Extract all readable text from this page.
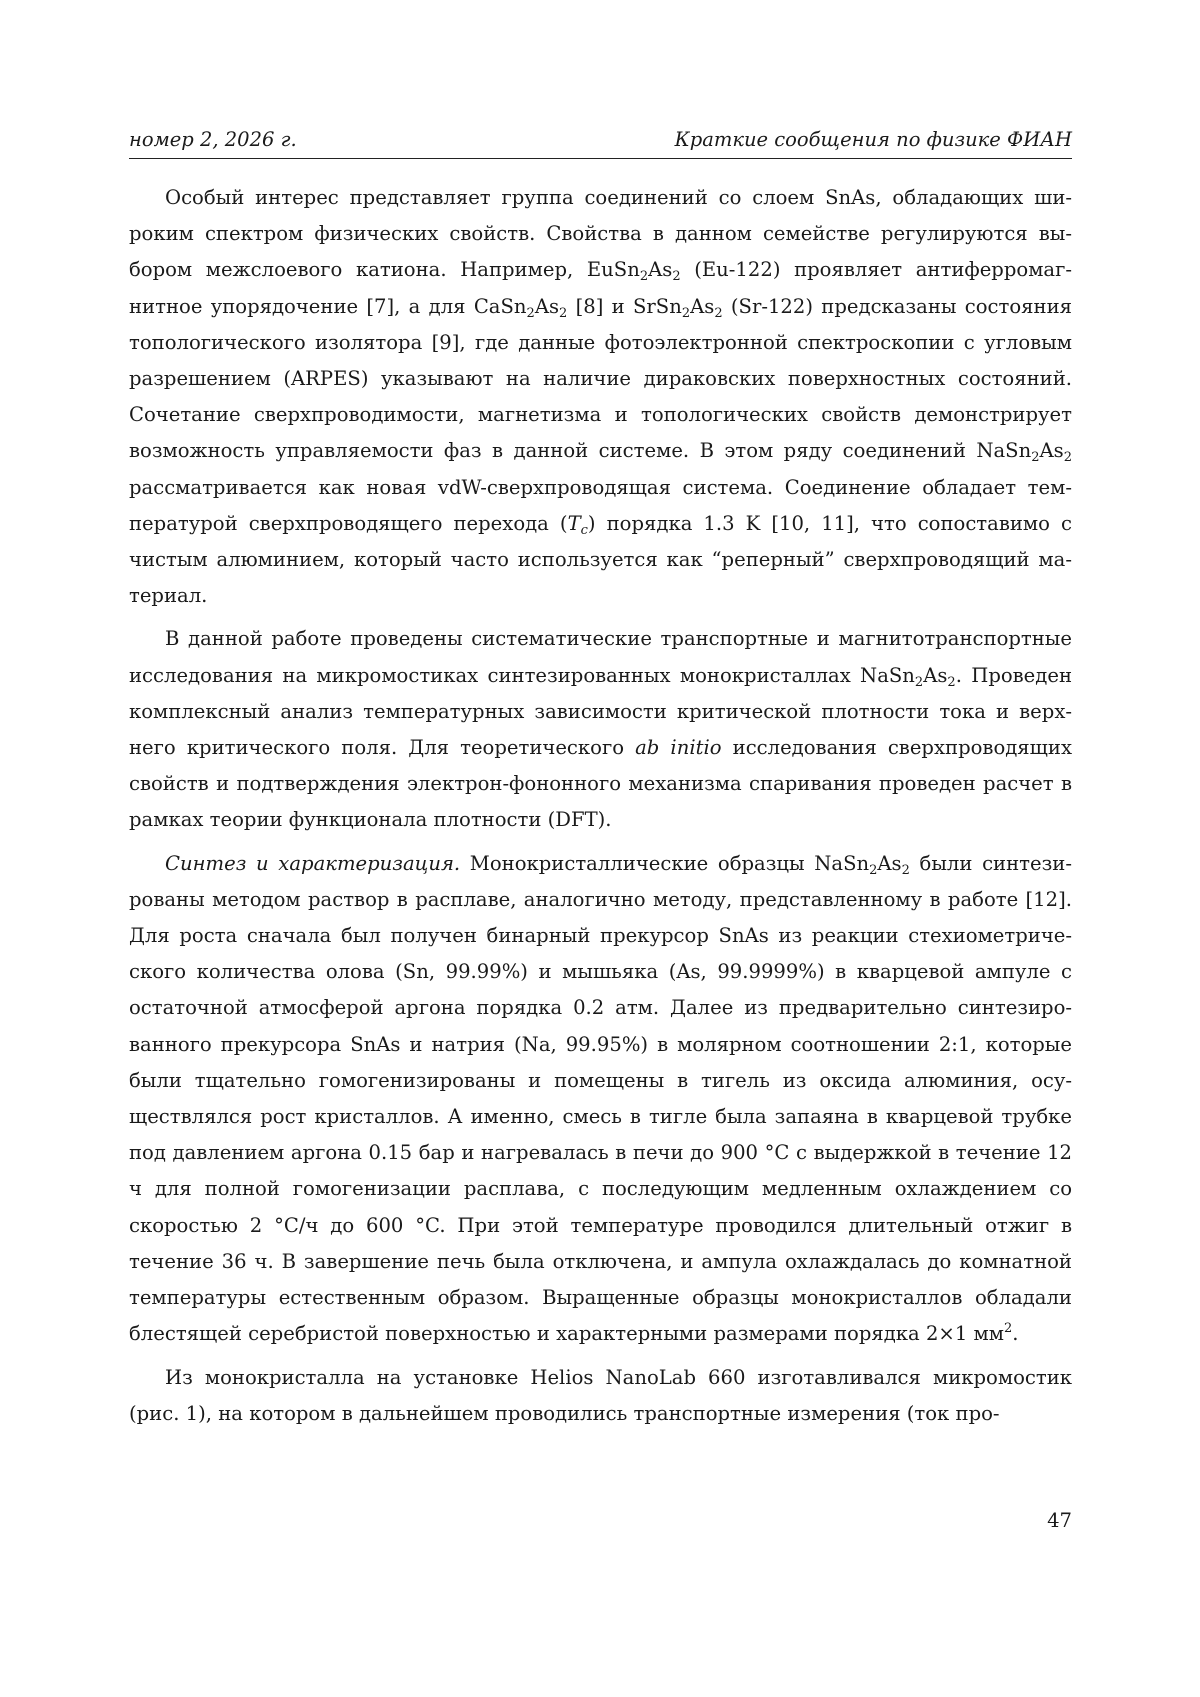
номер 2, 2026 г.	Краткие сообщения по физике ФИАН

Особый интерес представляет группа соединений со слоем SnAs, обладающих широким спектром физических свойств. Свойства в данном семействе регулируются выбором межслоевого катиона. Например, $EuSn_2As_2$ (Eu-122) проявляет антиферромагнитное упорядочение [7], а для $CaSn_2As_2$ [8] и $SrSn_2As_2$ (Sr-122) предсказаны состояния топологического изолятора [9], где данные фотоэлектронной спектроскопии с угловым разрешением (ARPES) указывают на наличие дираковских поверхностных состояний. Сочетание сверхпроводимости, магнетизма и топологических свойств демонстрирует возможность управляемости фаз в данной системе. В этом ряду соединений $NaSn_2As_2$ рассматривается как новая vdW-сверхпроводящая система. Соединение обладает температурой сверхпроводящего перехода $(T_c)$ порядка 1.3 K [10, 11], что сопоставимо с чистым алюминием, который часто используется как “реперный” сверхпроводящий материал.

В данной работе проведены систематические транспортные и магнитотранспортные исследования на микромостиках синтезированных монокристаллах $NaSn_2As_2$. Проведен комплексный анализ температурных зависимости критической плотности тока и верхнего критического поля. Для теоретического ab initio исследования сверхпроводящих свойств и подтверждения электрон-фононного механизма спаривания проведен расчет в рамках теории функционала плотности (DFT).

Синтез и характеризация. Монокристаллические образцы $NaSn_2As_2$ были синтезированы методом раствор в расплаве, аналогично методу, представленному в работе [12]. Для роста сначала был получен бинарный прекурсор SnAs из реакции стехиометрического количества олова (Sn, 99.99%) и мышьяка (As, 99.9999%) в кварцевой ампуле с остаточной атмосферой аргона порядка 0.2 атм. Далее из предварительно синтезированного прекурсора SnAs и натрия (Na, 99.95%) в молярном соотношении 2:1, которые были тщательно гомогенизированы и помещены в тигель из оксида алюминия, осуществлялся рост кристаллов. А именно, смесь в тигле была запаяна в кварцевой трубке под давлением аргона 0.15 бар и нагревалась в печи до 900 °C с выдержкой в течение 12 ч для полной гомогенизации расплава, с последующим медленным охлаждением со скоростью 2 °C/ч до 600 °C. При этой температуре проводился длительный отжиг в течение 36 ч. В завершение печь была отключена, и ампула охлаждалась до комнатной температуры естественным образом. Выращенные образцы монокристаллов обладали блестящей серебристой поверхностью и характерными размерами порядка 2×1 $мм^2$.

Из монокристалла на установке Helios NanoLab 660 изготавливался микромостик (рис. 1), на котором в дальнейшем проводились транспортные измерения (ток про-

47
